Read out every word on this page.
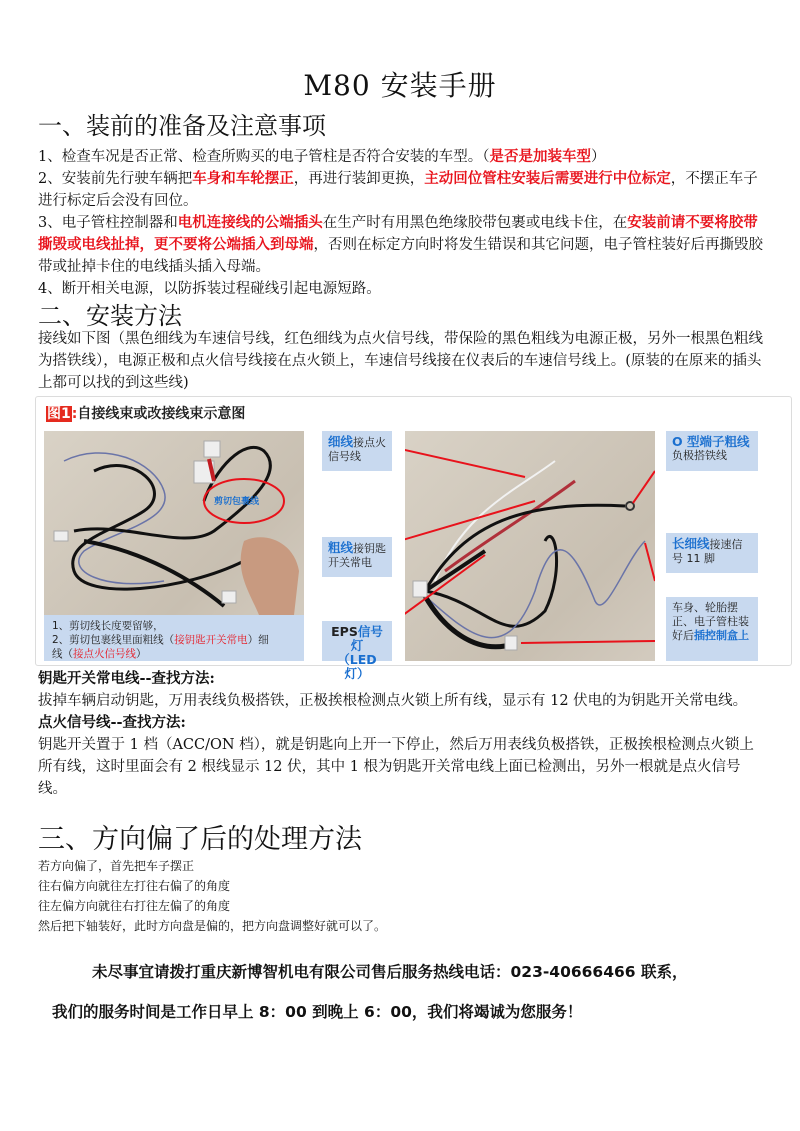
M80 安装手册
一、装前的准备及注意事项
1、检查车况是否正常、检查所购买的电子管柱是否符合安装的车型。（是否是加装车型）
2、安装前先行驶车辆把车身和车轮摆正，再进行装卸更换，主动回位管柱安装后需要进行中位标定，不摆正车子进行标定后会没有回位。
3、电子管柱控制器和电机连接线的公端插头在生产时有用黑色绝缘胶带包裹或电线卡住，在安装前请不要将胶带撕毁或电线扯掉，更不要将公端插入到母端，否则在标定方向时将发生错误和其它问题，电子管柱装好后再撕毁胶带或扯掉卡住的电线插头插入母端。
4、断开相关电源，以防拆装过程碰线引起电源短路。
二、安装方法
接线如下图（黑色细线为车速信号线，红色细线为点火信号线，带保险的黑色粗线为电源正极，另外一根黑色粗线为搭铁线），电源正极和点火信号线接在点火锁上，车速信号线接在仪表后的车速信号线上。(原装的在原来的插头上都可以找的到这些线)
图1:自接线束或改接线束示意图
剪切包裹线
1、剪切线长度要留够，
2、剪切包裹线里面粗线（接钥匙开关常电）细
线（接点火信号线）
细线接点火信号线
粗线接钥匙开关常电
EPS信号灯
（LED灯）
O 型端子粗线
负极搭铁线
长细线接速信号 11 脚
车身、轮胎摆正、电子管柱装好后插控制盒上
钥匙开关常电线--查找方法:
拔掉车辆启动钥匙，万用表线负极搭铁，正极挨根检测点火锁上所有线，显示有 12 伏电的为钥匙开关常电线。
点火信号线--查找方法:
钥匙开关置于 1 档（ACC/ON 档），就是钥匙向上开一下停止，然后万用表线负极搭铁，正极挨根检测点火锁上所有线，这时里面会有 2 根线显示 12 伏，其中 1 根为钥匙开关常电线上面已检测出，另外一根就是点火信号线。
三、方向偏了后的处理方法
若方向偏了，首先把车子摆正
往右偏方向就往左打往右偏了的角度
往左偏方向就往右打往左偏了的角度
然后把下轴装好，此时方向盘是偏的，把方向盘调整好就可以了。
未尽事宜请拨打重庆新博智机电有限公司售后服务热线电话：023-40666466 联系，
我们的服务时间是工作日早上 8：00 到晚上 6：00，我们将竭诚为您服务！
